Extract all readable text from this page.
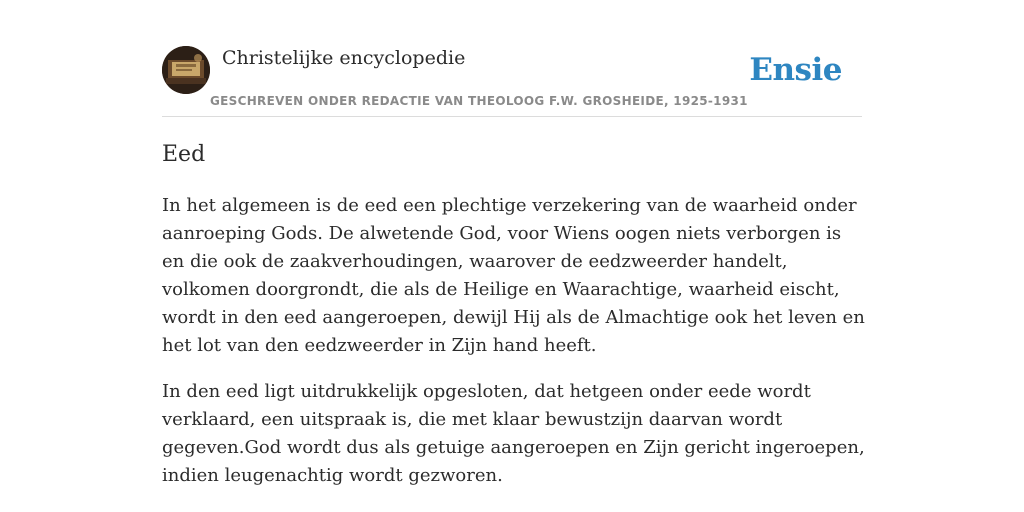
Christelijke encyclopedie
GESCHREVEN ONDER REDACTIE VAN THEOLOOG F.W. GROSHEIDE, 1925-1931
Ensie
Eed

In het algemeen is de eed een plechtige verzekering van de waarheid onder aanroeping Gods. De alwetende God, voor Wiens oogen niets verborgen is en die ook de zaakverhoudingen, waarover de eedzweerder handelt, volkomen doorgrondt, die als de Heilige en Waarachtige, waarheid eischt, wordt in den eed aangeroepen, dewijl Hij als de Almachtige ook het leven en het lot van den eedzweerder in Zijn hand heeft.

In den eed ligt uitdrukkelijk opgesloten, dat hetgeen onder eede wordt verklaard, een uitspraak is, die met klaar bewustzijn daarvan wordt gegeven.God wordt dus als getuige aangeroepen en Zijn gericht ingeroepen, indien leugenachtig wordt gezworen.
